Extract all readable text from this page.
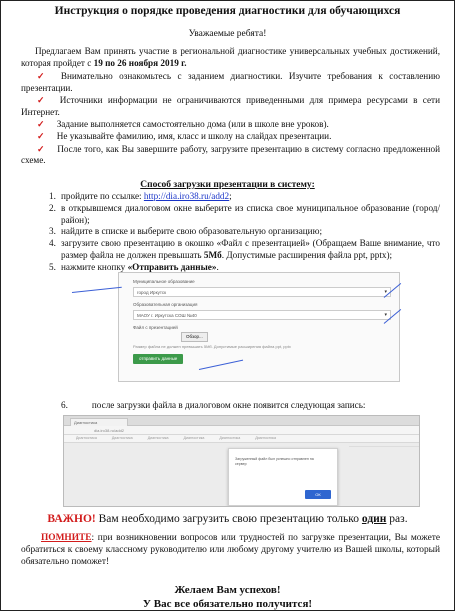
Инструкция о порядке проведения диагностики для обучающихся
Уважаемые ребята!
Предлагаем Вам принять участие в региональной диагностике универсальных учебных достижений, которая пройдет с 19 по 26 ноября 2019 г.
✓ Внимательно ознакомьтесь с заданием диагностики. Изучите требования к составлению презентации.
✓ Источники информации не ограничиваются приведенными для примера ресурсами в сети Интернет.
✓ Задание выполняется самостоятельно дома (или в школе вне уроков).
✓ Не указывайте фамилию, имя, класс и школу на слайдах презентации.
✓ После того, как Вы завершите работу, загрузите презентацию в систему согласно предложенной схеме.
Способ загрузки презентации в систему:
1. пройдите по ссылке: http://dia.iro38.ru/add2;
2. в открывшемся диалоговом окне выберите из списка свое муниципальное образование (город/район);
3. найдите в списке и выберите свою образовательную организацию;
4. загрузите свою презентацию в окошко «Файл с презентацией» (Обращаем Ваше внимание, что размер файла не должен превышать 5Мб. Допустимые расширения файла ppt, pptx);
5. нажмите кнопку «Отправить данные».
Муниципальное образование
город Иркутск	▾
Образовательная организация
МАОУ г. Иркутска СОШ №40	▾
Файл с презентацией
Обзор...
Размер файла не должен превышать 5Мб. Допустимые расширения файла ppt, pptx
отправить данные
6.	после загрузки файла в диалоговом окне появится следующая запись:
Диагностика
dia.iro38.ru/add2
Диагностика	Диагностика	Диагностика	Диагностика	Диагностика	Диагностика
Загруженный файл был успешно отправлен на сервер
ОК
ВАЖНО! Вам необходимо загрузить свою презентацию только один раз.
ПОМНИТЕ: при возникновении вопросов или трудностей по загрузке презентации, Вы можете обратиться к своему классному руководителю или любому другому учителю из Вашей школы, который обязательно поможет!
Желаем Вам успехов!
У Вас все обязательно получится!
